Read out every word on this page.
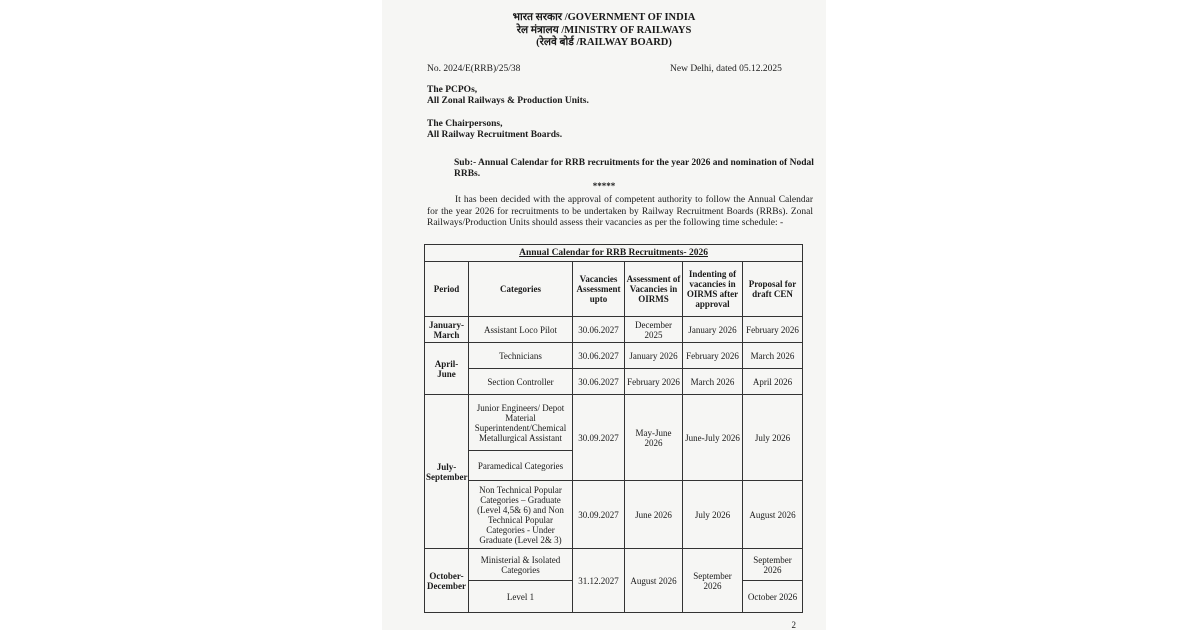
भारत सरकार /GOVERNMENT OF INDIA
रेल मंत्रालय /MINISTRY OF RAILWAYS
(रेलवे बोर्ड /RAILWAY BOARD)
No. 2024/E(RRB)/25/38	New Delhi, dated 05.12.2025
The PCPOs,
All Zonal Railways & Production Units.
The Chairpersons,
All Railway Recruitment Boards.
Sub:- Annual Calendar for RRB recruitments for the year 2026 and nomination of Nodal RRBs.
*****
It has been decided with the approval of competent authority to follow the Annual Calendar for the year 2026 for recruitments to be undertaken by Railway Recruitment Boards (RRBs). Zonal Railways/Production Units should assess their vacancies as per the following time schedule: -
Annual Calendar for RRB Recruitments- 2026					
Period	Categories	Vacancies Assessment upto	Assessment of Vacancies in OIRMS	Indenting of vacancies in OIRMS after approval	Proposal for draft CEN
January-March	Assistant Loco Pilot	30.06.2027	December 2025	January 2026	February 2026
April-June	Technicians	30.06.2027	January 2026	February 2026	March 2026
	Section Controller	30.06.2027	February 2026	March 2026	April 2026
July-September	Junior Engineers/ Depot Material Superintendent/Chemical Metallurgical Assistant	30.09.2027	May-June 2026	June-July 2026	July 2026
	Paramedical Categories				
	Non Technical Popular Categories – Graduate (Level 4,5& 6) and Non Technical Popular Categories - Under Graduate (Level 2& 3)	30.09.2027	June 2026	July 2026	August 2026
October-December	Ministerial & Isolated Categories	31.12.2027	August 2026	September 2026	September 2026
	Level 1				October 2026
2
